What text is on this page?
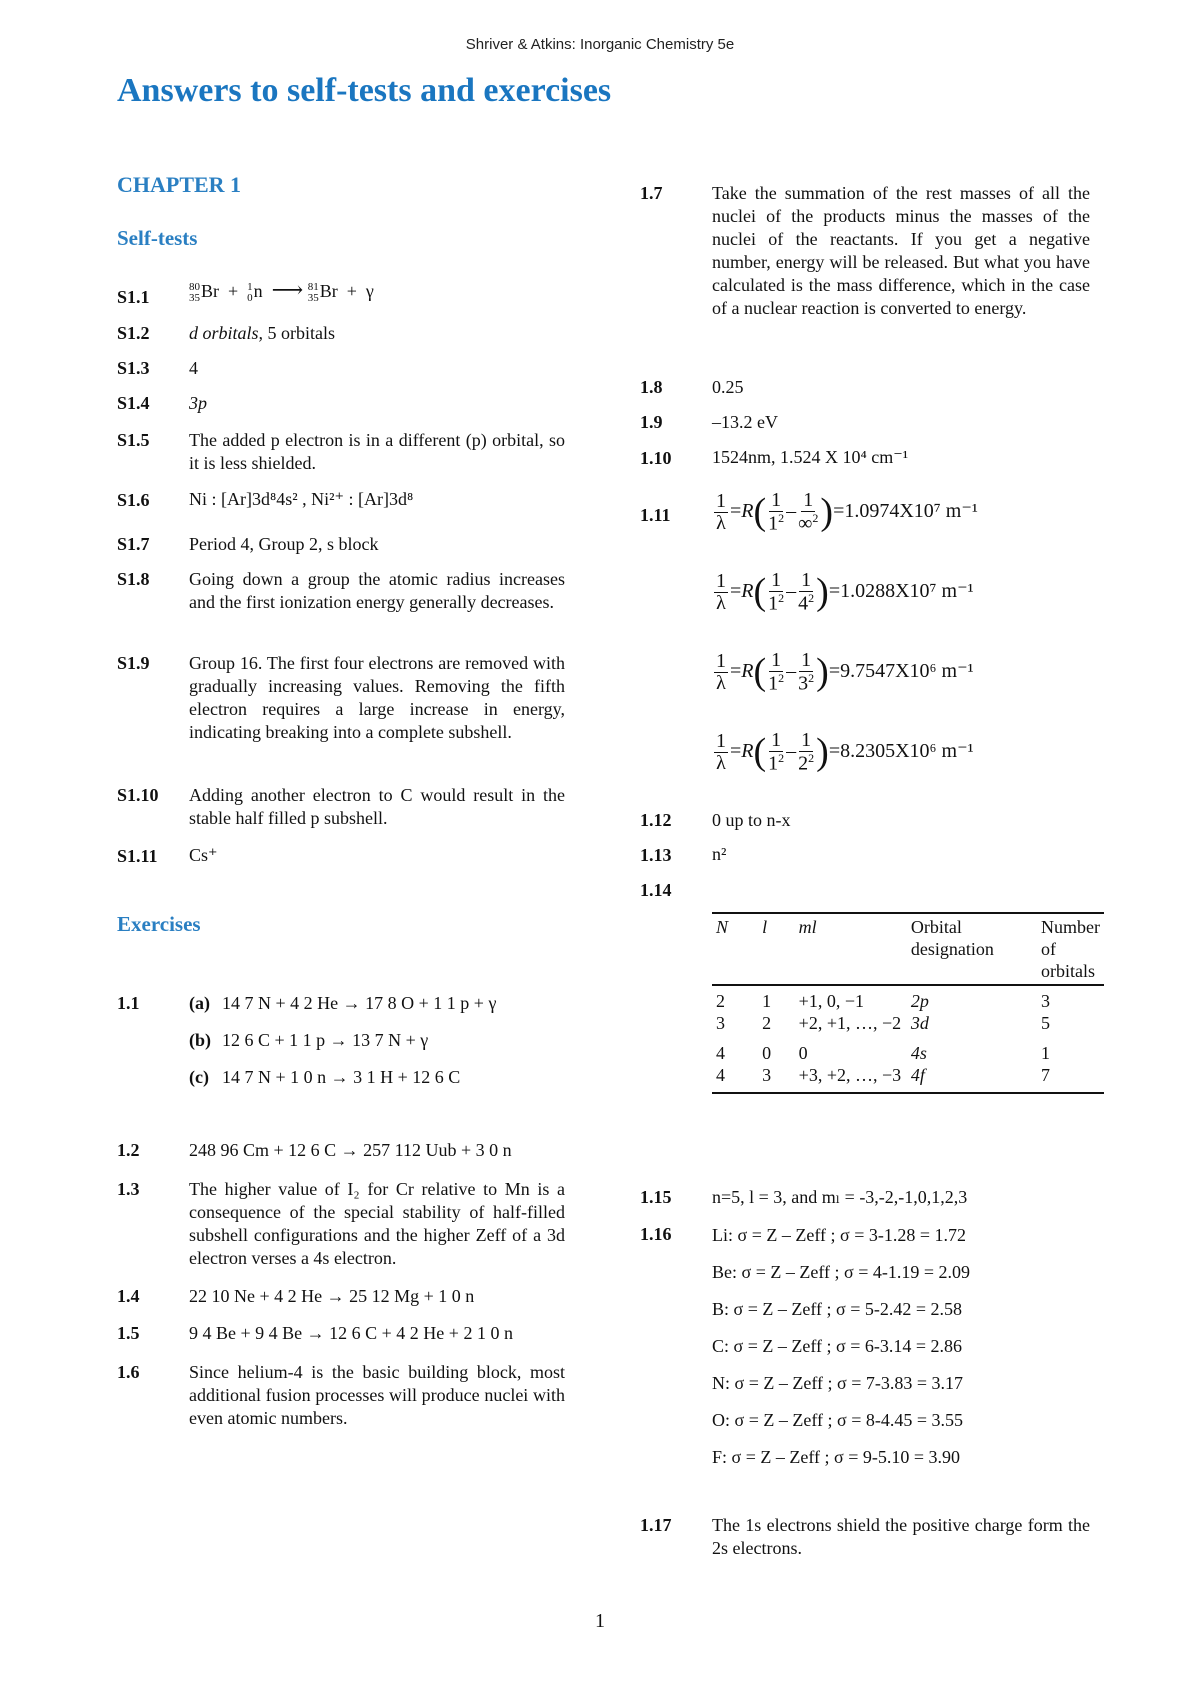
Shriver & Atkins: Inorganic Chemistry 5e
Answers to self-tests and exercises
CHAPTER 1
Self-tests
S1.1
80
35 Br  + 1
0 n  ⟶ 81
35 Br  +  γ
S1.2 d orbitals, 5 orbitals
S1.3 4
S1.4 3p
S1.5 The added p electron is in a different (p) orbital, so it is less shielded.
S1.6 Ni : [Ar]3d⁸4s² , Ni²⁺ : [Ar]3d⁸
S1.7 Period 4, Group 2, s block
S1.8 Going down a group the atomic radius increases and the first ionization energy generally decreases.
S1.9 Group 16. The first four electrons are removed with gradually increasing values. Removing the fifth electron requires a large increase in energy, indicating breaking into a complete subshell.
S1.10 Adding another electron to C would result in the stable half filled p subshell.
S1.11 Cs⁺
Exercises
1.1	(a) 14 7 N + 4 2 He → 17 8 O + 1 1 p + γ
(b) 12 6 C + 1 1 p → 13 7 N + γ
(c) 14 7 N + 1 0 n → 3 1 H + 12 6 C
1.2	248 96 Cm + 12 6 C → 257 112 Uub + 3 0 n
1.3	The higher value of I₂ for Cr relative to Mn is a consequence of the special stability of half-filled subshell configurations and the higher Zeff of a 3d electron verses a 4s electron.
1.4	22 10 Ne + 4 2 He → 25 12 Mg + 1 0 n
1.5	9 4 Be + 9 4 Be → 12 6 C + 4 2 He + 2 1 0 n
1.6	Since helium-4 is the basic building block, most additional fusion processes will produce nuclei with even atomic numbers.
1.7	Take the summation of the rest masses of all the nuclei of the products minus the masses of the nuclei of the reactants. If you get a negative number, energy will be released. But what you have calculated is the mass difference, which in the case of a nuclear reaction is converted to energy.
1.8	0.25
1.9	–13.2 eV
1.10 1524nm, 1.524 X 10⁴ cm⁻¹
$1.11 \frac{1}{\lambda} =R( \frac{1}{1^2} - \frac{1}{\infty^2} )=1.0974X10^7$ m⁻¹
$\frac{1}{\lambda} =R( \frac{1}{1^2} - \frac{1}{4^2} )=1.0288X10^7$ m⁻¹
$\frac{1}{\lambda} =R( \frac{1}{1^2} - \frac{1}{3^2} )=9.7547X10^6$ m⁻¹
$\frac{1}{\lambda} =R( \frac{1}{1^2} - \frac{1}{2^2} )=8.2305X10^6$ m⁻¹
1.12 0 up to n-x
1.13 n²
1.14
N	l	ml	Orbital designation	Number of orbitals
2	1	+1, 0, −1	2p	3
3	2	+2, +1, …, −2	3d	5
4	0	0	4s	1
4	3	+3, +2, …, −3	4f	7
1.15 n=5, l = 3, and mₗ = -3,-2,-1,0,1,2,3
1.16 Li: σ = Z – Zeff ; σ = 3-1.28 = 1.72
Be: σ = Z – Zeff ; σ = 4-1.19 = 2.09
B: σ = Z – Zeff ; σ = 5-2.42 = 2.58
C: σ = Z – Zeff ; σ = 6-3.14 = 2.86
N: σ = Z – Zeff ; σ = 7-3.83 = 3.17
O: σ = Z – Zeff ; σ = 8-4.45 = 3.55
F: σ = Z – Zeff ; σ = 9-5.10 = 3.90
1.17 The 1s electrons shield the positive charge form the 2s electrons.
1
